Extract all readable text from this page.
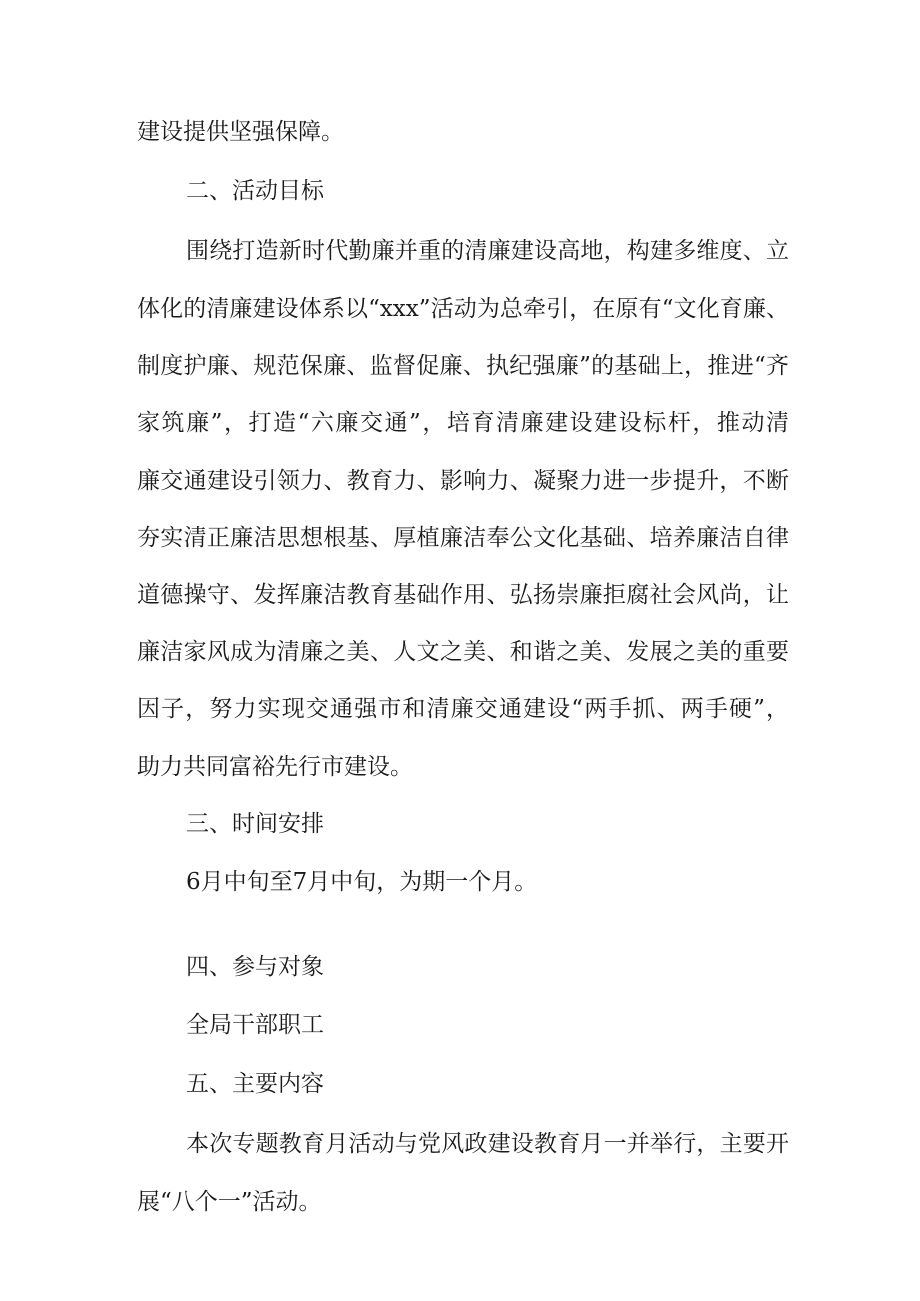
建设提供坚强保障。
二、活动目标
围绕打造新时代勤廉并重的清廉建设高地，构建多维度、立
体化的清廉建设体系以“xxx”活动为总牵引，在原有“文化育廉、
制度护廉、规范保廉、监督促廉、执纪强廉”的基础上，推进“齐
家筑廉”，打造“六廉交通”，培育清廉建设建设标杆，推动清
廉交通建设引领力、教育力、影响力、凝聚力进一步提升，不断
夯实清正廉洁思想根基、厚植廉洁奉公文化基础、培养廉洁自律
道德操守、发挥廉洁教育基础作用、弘扬崇廉拒腐社会风尚，让
廉洁家风成为清廉之美、人文之美、和谐之美、发展之美的重要
因子，努力实现交通强市和清廉交通建设“两手抓、两手硬”，
助力共同富裕先行市建设。
三、时间安排
6月中旬至7月中旬，为期一个月。
四、参与对象
全局干部职工
五、主要内容
本次专题教育月活动与党风政建设教育月一并举行，主要开
展“八个一”活动。
